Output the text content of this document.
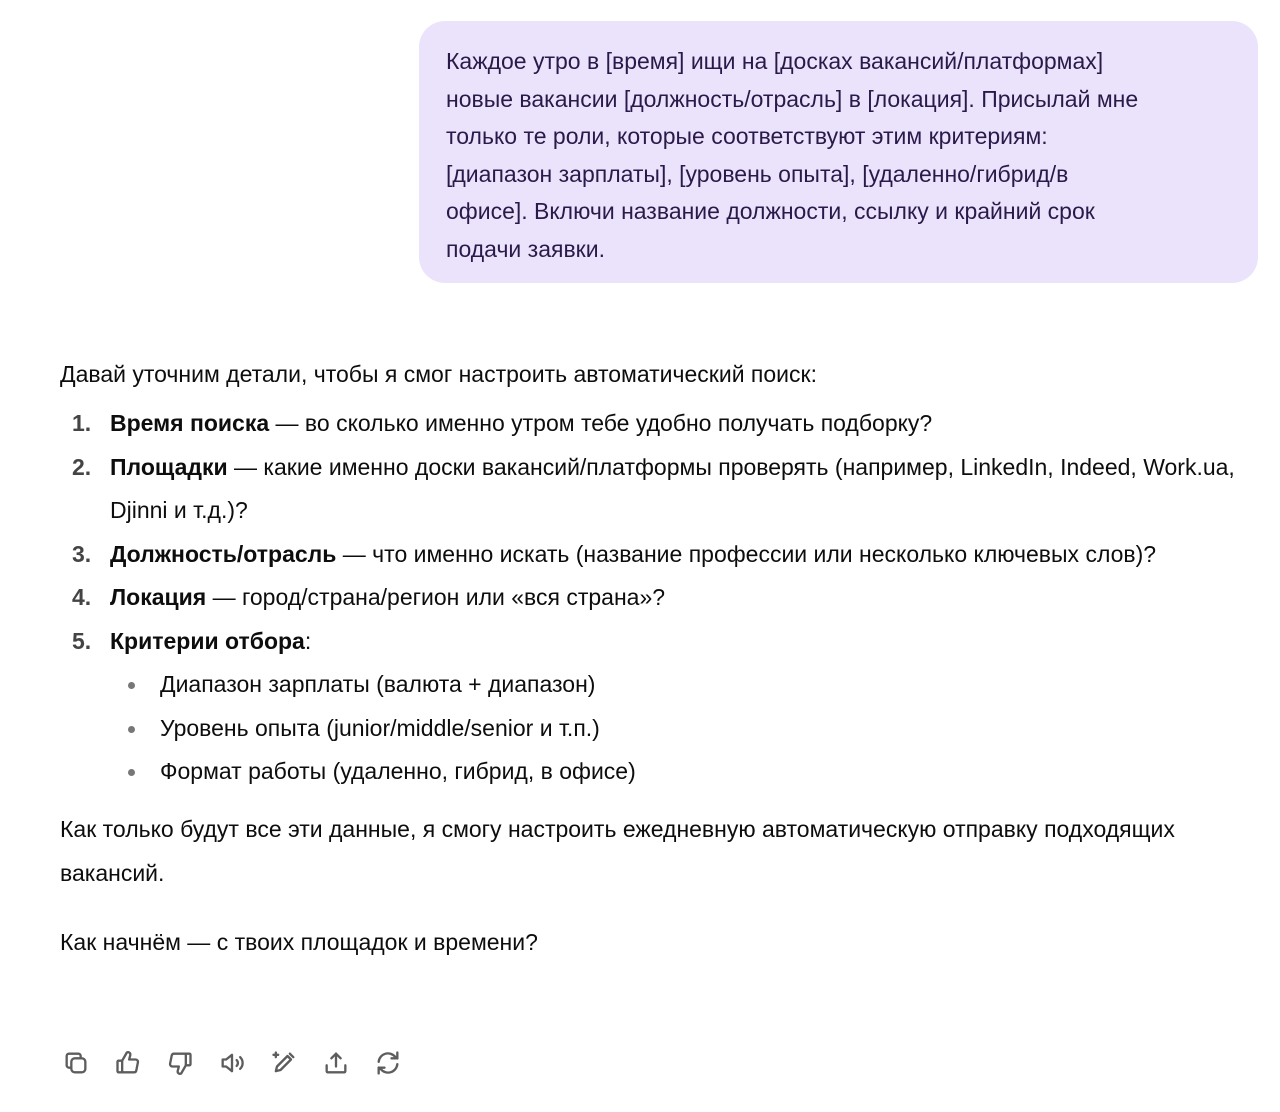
Каждое утро в [время] ищи на [досках вакансий/платформах]
новые вакансии [должность/отрасль] в [локация]. Присылай мне
только те роли, которые соответствуют этим критериям:
[диапазон зарплаты], [уровень опыта], [удаленно/гибрид/в
офисе]. Включи название должности, ссылку и крайний срок
подачи заявки.

Давай уточним детали, чтобы я смог настроить автоматический поиск:

1. Время поиска — во сколько именно утром тебе удобно получать подборку?
2. Площадки — какие именно доски вакансий/платформы проверять (например, LinkedIn, Indeed, Work.ua, Djinni и т.д.)?
3. Должность/отрасль — что именно искать (название профессии или несколько ключевых слов)?
4. Локация — город/страна/регион или «вся страна»?
5. Критерии отбора:
Диапазон зарплаты (валюта + диапазон)
Уровень опыта (junior/middle/senior и т.п.)
Формат работы (удаленно, гибрид, в офисе)

Как только будут все эти данные, я смогу настроить ежедневную автоматическую отправку подходящих вакансий.

Как начнём — с твоих площадок и времени?
